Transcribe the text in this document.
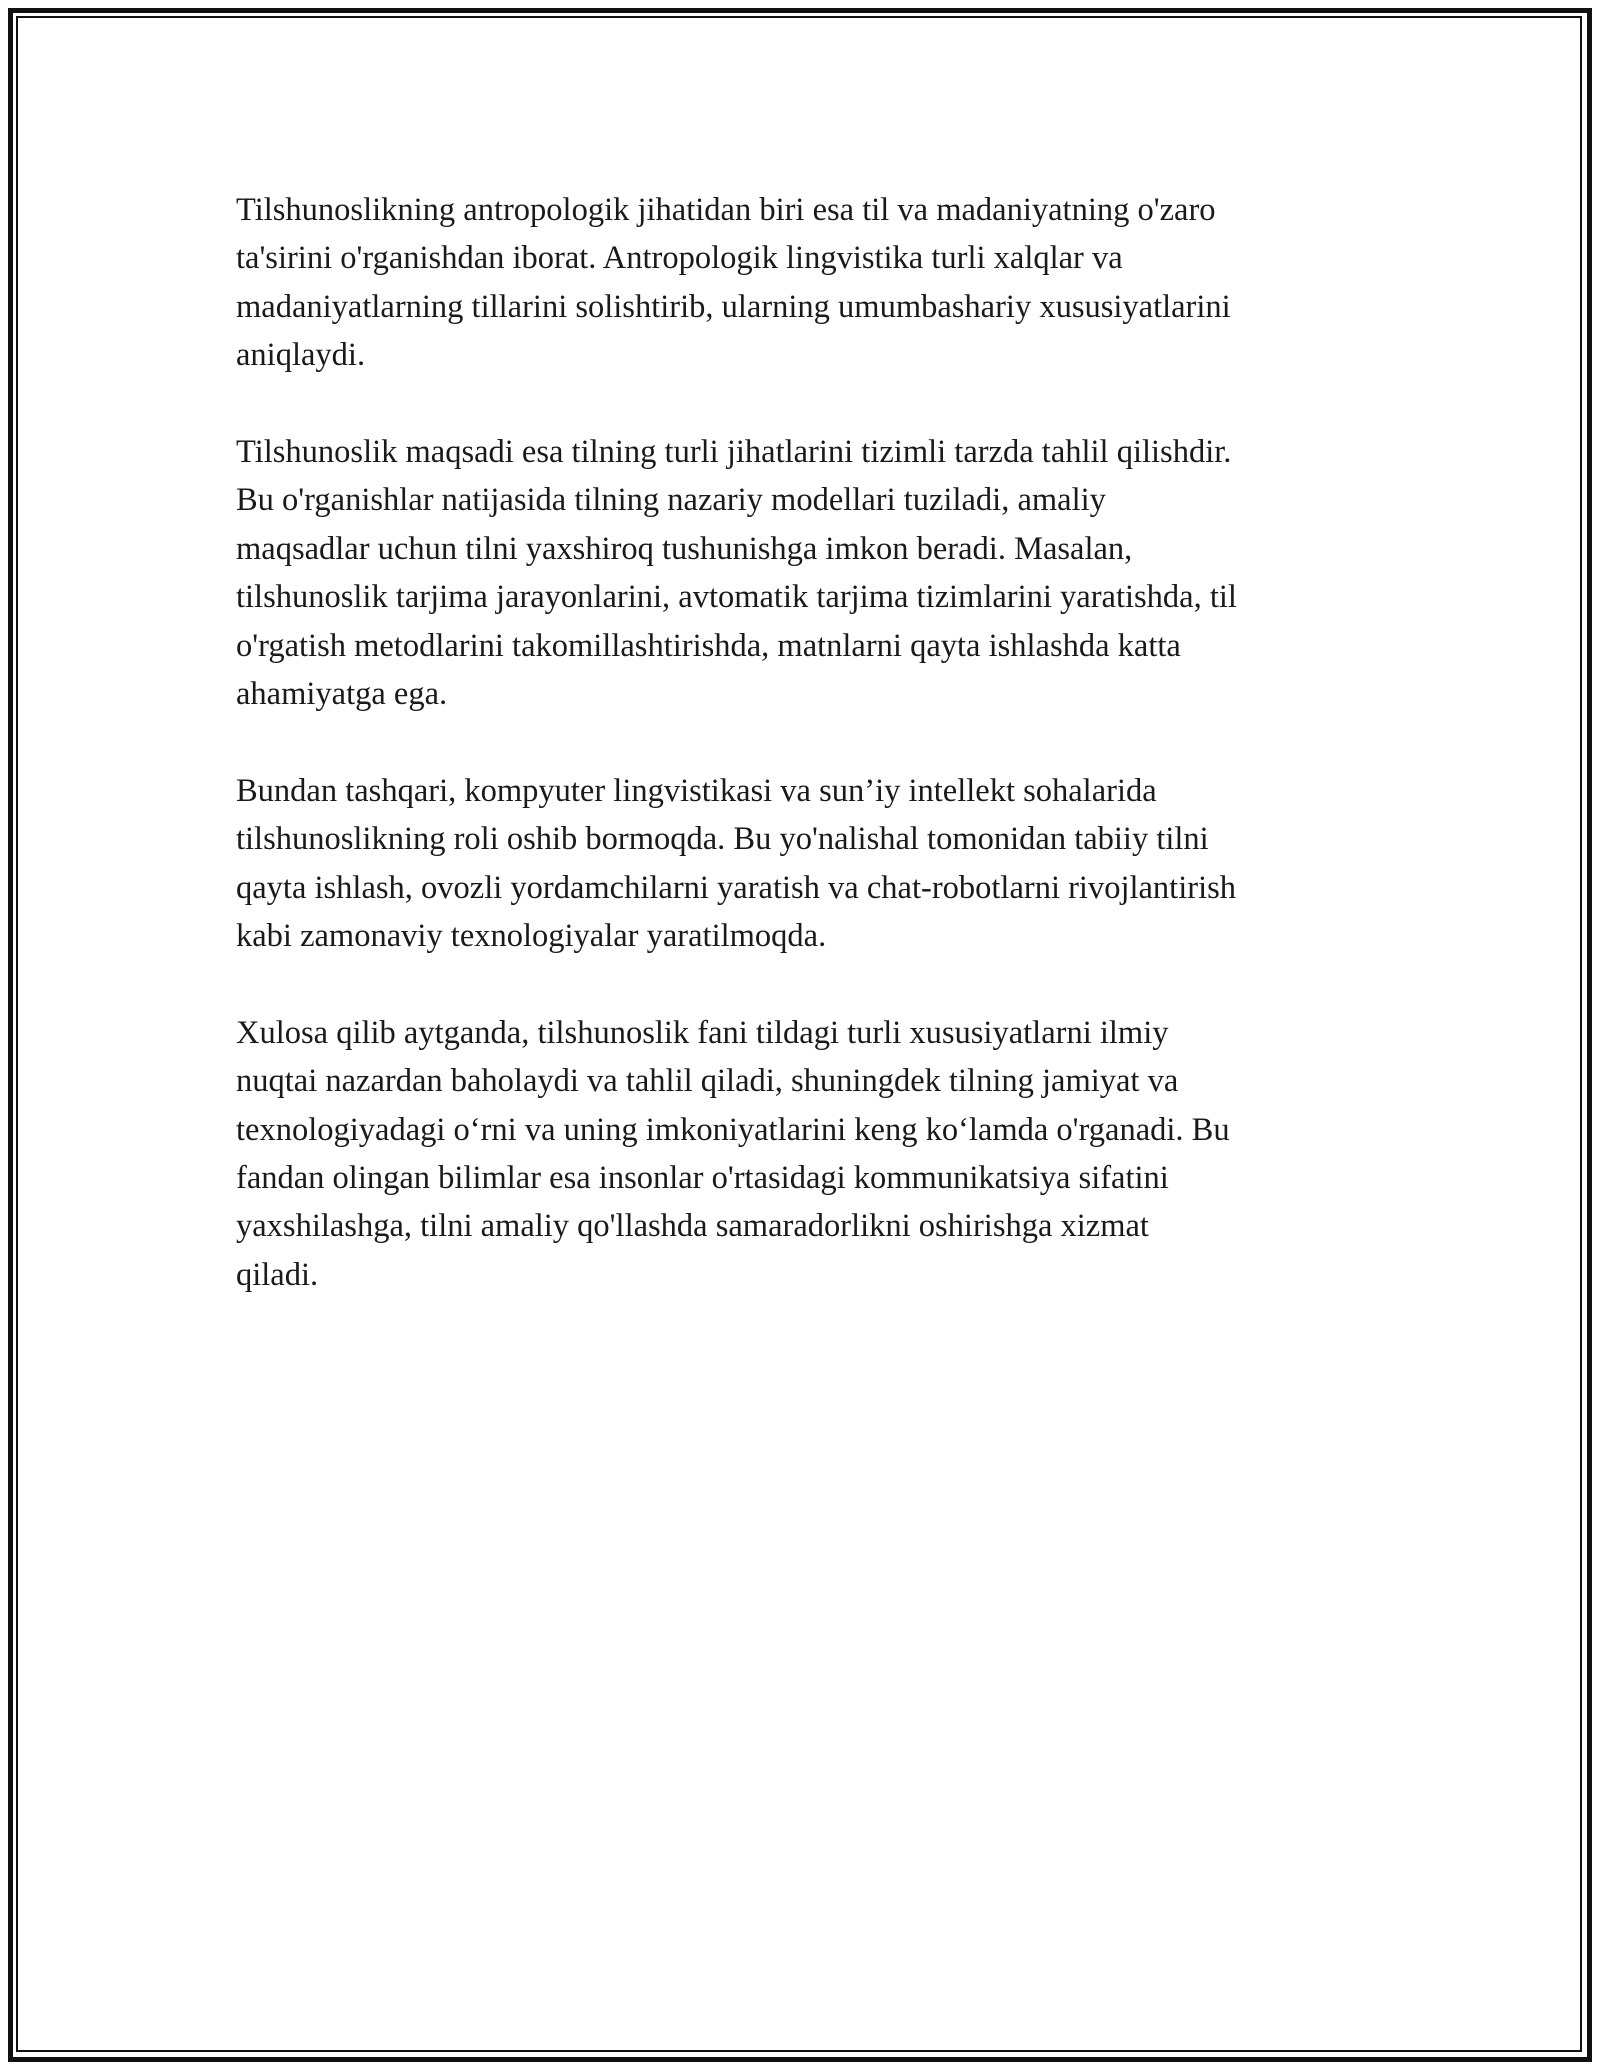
Tilshunoslikning antropologik jihatidan biri esa til va madaniyatning o'zaro
ta'sirini o'rganishdan iborat. Antropologik lingvistika turli xalqlar va
madaniyatlarning tillarini solishtirib, ularning umumbashariy xususiyatlarini
aniqlaydi.

Tilshunoslik maqsadi esa tilning turli jihatlarini tizimli tarzda tahlil qilishdir.
Bu o'rganishlar natijasida tilning nazariy modellari tuziladi, amaliy
maqsadlar uchun tilni yaxshiroq tushunishga imkon beradi. Masalan,
tilshunoslik tarjima jarayonlarini, avtomatik tarjima tizimlarini yaratishda, til
o'rgatish metodlarini takomillashtirishda, matnlarni qayta ishlashda katta
ahamiyatga ega.

Bundan tashqari, kompyuter lingvistikasi va sun’iy intellekt sohalarida
tilshunoslikning roli oshib bormoqda. Bu yo'nalishal tomonidan tabiiy tilni
qayta ishlash, ovozli yordamchilarni yaratish va chat-robotlarni rivojlantirish
kabi zamonaviy texnologiyalar yaratilmoqda.

Xulosa qilib aytganda, tilshunoslik fani tildagi turli xususiyatlarni ilmiy
nuqtai nazardan baholaydi va tahlil qiladi, shuningdek tilning jamiyat va
texnologiyadagi o‘rni va uning imkoniyatlarini keng ko‘lamda o'rganadi. Bu
fandan olingan bilimlar esa insonlar o'rtasidagi kommunikatsiya sifatini
yaxshilashga, tilni amaliy qo'llashda samaradorlikni oshirishga xizmat
qiladi.
